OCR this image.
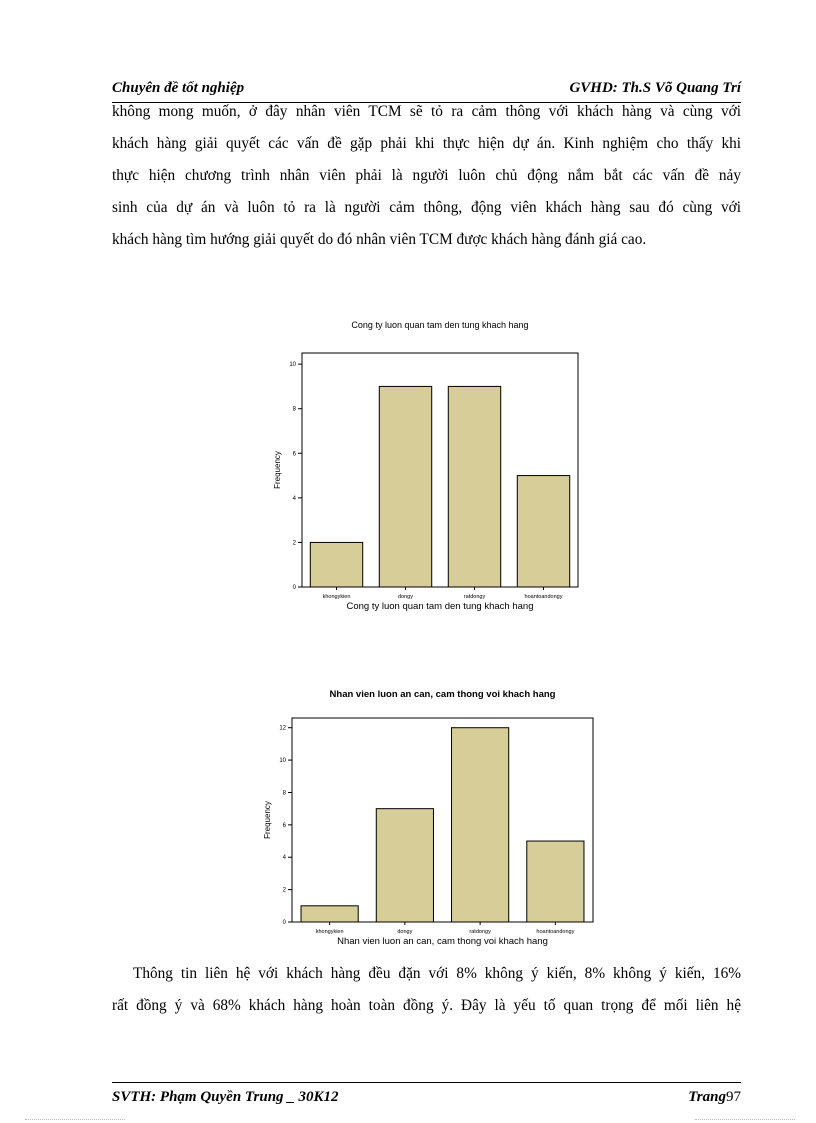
Chuyên đề tốt nghiệp	GVHD: Th.S Võ Quang Trí
không mong muốn, ở đây nhân viên TCM sẽ tỏ ra cảm thông với khách hàng và cùng với
khách hàng giải quyết các vấn đề gặp phải khi thực hiện dự án. Kinh nghiệm cho thấy khi
thực hiện chương trình nhân viên phải là người luôn chủ động nắm bắt các vấn đề nảy
sinh của dự án và luôn tỏ ra là người cảm thông, động viên khách hàng sau đó cùng với
khách hàng tìm hướng giải quyết do đó nhân viên TCM được khách hàng đánh giá cao.
Cong ty luon quan tam den tung khach hang
0
2
4
6
8
10
Frequency
khongykien	dongy	ratdongy	hoantoandongy
Cong ty luon quan tam den tung khach hang
Nhan vien luon an can, cam thong voi khach hang
0
2
4
6
8
10
12
Frequency
khongykien	dongy	ratdongy	hoantoandongy
Nhan vien luon an can, cam thong voi khach hang
Thông tin liên hệ với khách hàng đều đặn với 8% không ý kiến, 8% không ý kiến, 16%
rất đồng ý và 68% khách hàng hoàn toàn đồng ý. Đây là yếu tố quan trọng để mối liên hệ
SVTH: Phạm Quyền Trung _ 30K12	Trang97
